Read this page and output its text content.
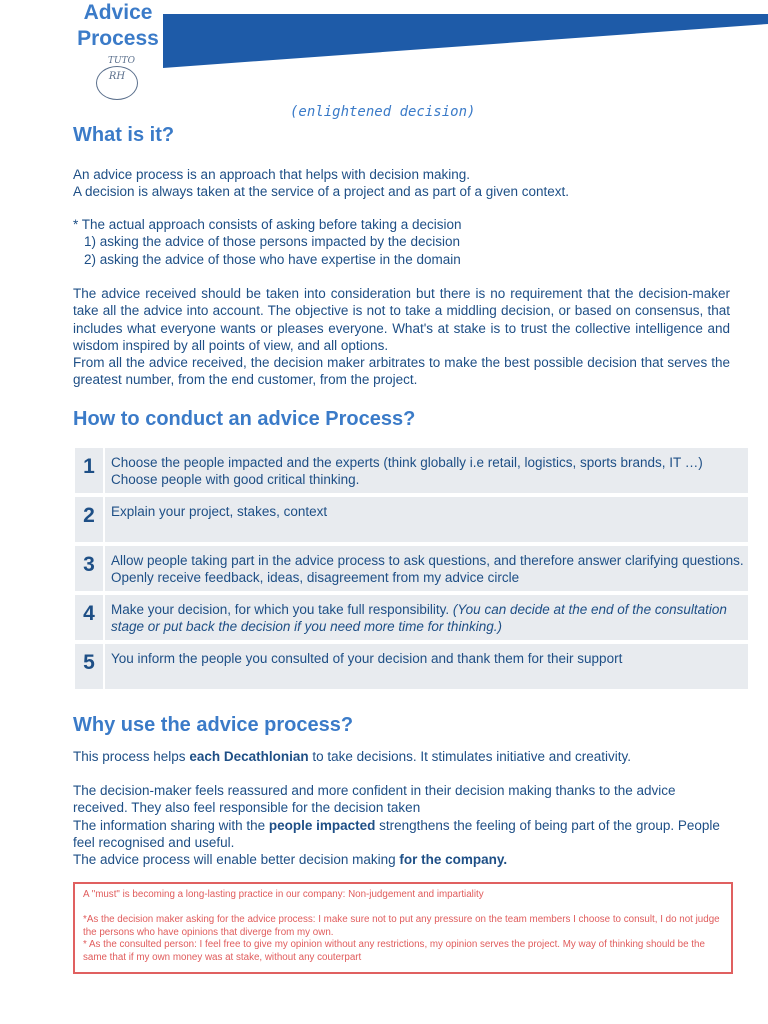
Advice
Process
TUTO
RH
(enlightened decision)
What is it?
An advice process is an approach that helps with decision making.
A decision is always taken at the service of a project and as part of a given context.
* The actual approach consists of asking before taking a decision
1) asking the advice of those persons impacted by the decision
2) asking the advice of those who have expertise in the domain
The advice received should be taken into consideration but there is no requirement that the decision-maker take all the advice into account. The objective is not to take a middling decision, or based on consensus, that includes what everyone wants or pleases everyone. What's at stake is to trust the collective intelligence and wisdom inspired by all points of view, and all options.
From all the advice received, the decision maker arbitrates to make the best possible decision that serves the greatest number, from the end customer, from the project.
How to conduct an advice Process?
1	Choose the people impacted and the experts (think globally i.e retail, logistics, sports brands, IT …)
Choose people with good critical thinking.
2	Explain your project, stakes, context
3	Allow people taking part in the advice process to ask questions, and therefore answer clarifying questions. Openly receive feedback, ideas, disagreement from my advice circle
4	Make your decision, for which you take full responsibility. (You can decide at the end of the consultation stage or put back the decision if you need more time for thinking.)
5	You inform the people you consulted of your decision and thank them for their support
Why use the advice process?
This process helps each Decathlonian to take decisions. It stimulates initiative and creativity.
The decision-maker feels reassured and more confident in their decision making thanks to the advice received. They also feel responsible for the decision taken
The information sharing with the people impacted strengthens the feeling of being part of the group. People feel recognised and useful.
The advice process will enable better decision making for the company.

A "must" is becoming a long-lasting practice in our company: Non-judgement and impartiality

*As the decision maker asking for the advice process: I make sure not to put any pressure on the team members I choose to consult, I do not judge the persons who have opinions that diverge from my own.

* As the consulted person: I feel free to give my opinion without any restrictions, my opinion serves the project. My way of thinking should be the same that if my own money was at stake, without any couterpart
